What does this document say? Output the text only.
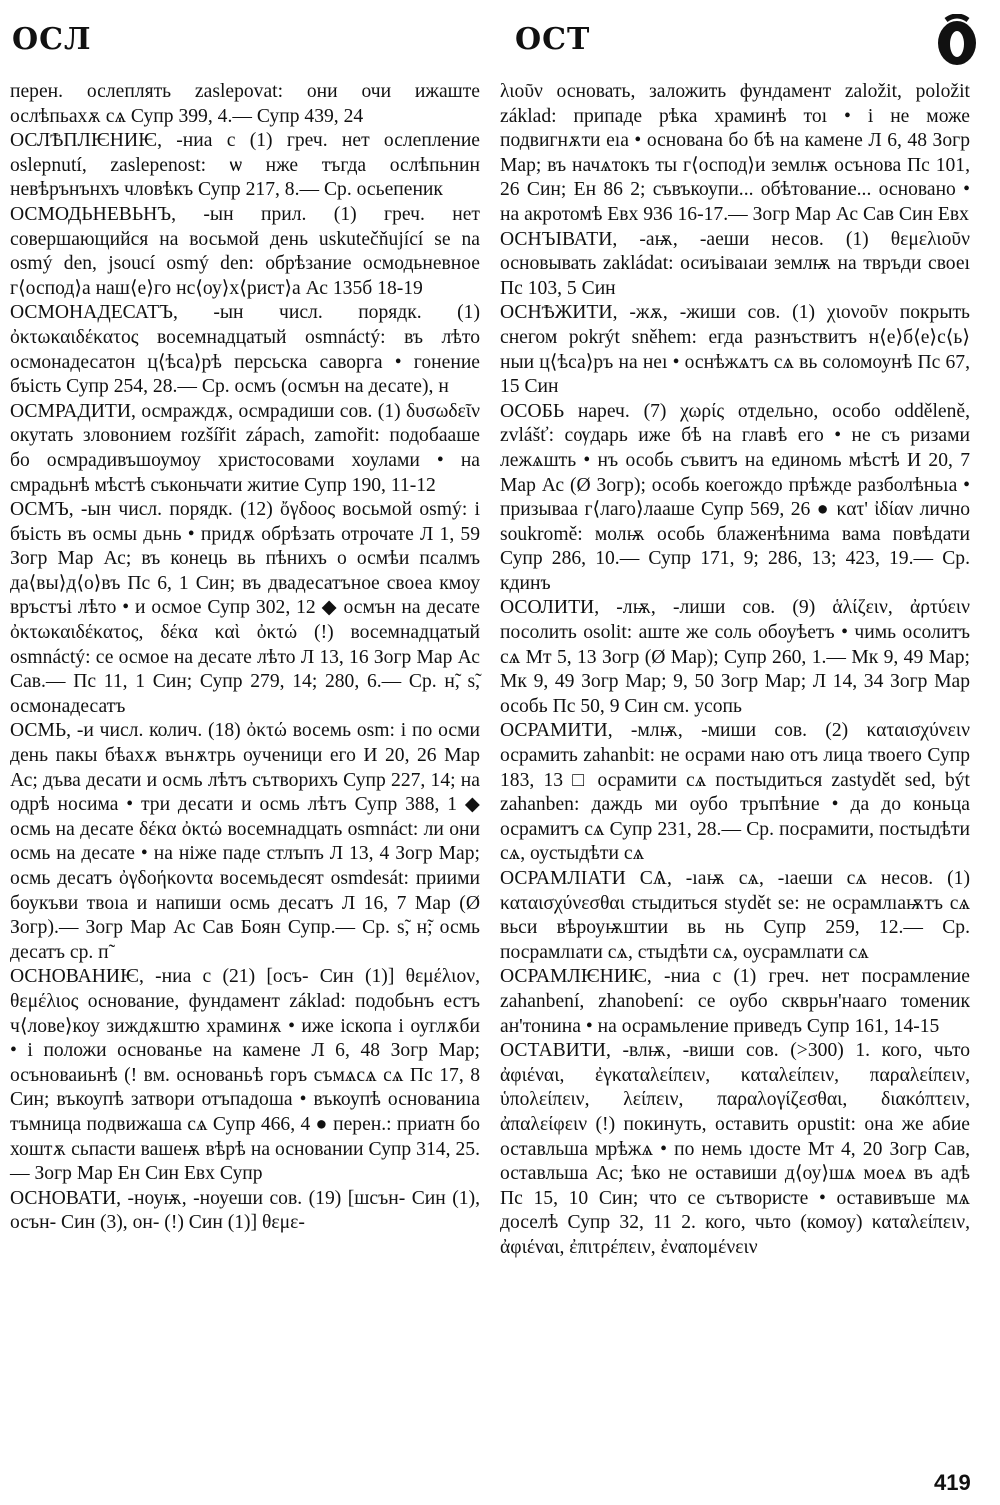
ОСЛ	ОСТ

перен. ослеплять zaslepovat: они очи ижаште ослѣпьахѫ сѧ Супр 399, 4.— Супр 439, 24

ОСЛѢПЛѤНИѤ, -ниа с (1) греч. нет ослепление oslepnutí, zaslepenost: ѡ нже тъгда ослѣпьнин невѣрънънхъ чловѣкъ Супр 217, 8.— Ср. осьепеник

ОСМОДЬНЕВЬНЪ, -ын прил. (1) греч. нет совершающийся на восьмой день uskutečňující se na osmý den, jsoucí osmý den: обрѣзание осмодьневное г⟨оспод⟩а наш⟨е⟩го нс⟨оу⟩х⟨рист⟩а Ас 135б 18-19

ОСМОНАДЕСАТЪ, -ын числ. порядк. (1) ὀκτωκαιδέκατος восемнадцатый osmnáctý: въ лѣто осмонадесатон ц⟨ѣса⟩рѣ персьска саворга • гонение бъість Супр 254, 28.— Ср. осмъ (осмън на десате), н

ОСМРАДИТИ, осмраждѫ, осмрадиши сов. (1) δυσωδεῖν окутать зловонием rozšířit zápach, zamořit: подобааше бо осмрадивъшоумоу христосовами хоулами • на смрадьнѣ мѣстѣ съконьчати житие Супр 190, 11-12

ОСМЪ, -ын числ. порядк. (12) ὄγδοος восьмой osmý: і бъість въ осмы дьнь • придѫ обрѣзать отрочате Л 1, 59 Зогр Мар Ас; въ конець вь пѣнихъ о осмѣи псалмъ да⟨вы⟩д⟨о⟩въ Пс 6, 1 Син; въ двадесатъноe своеа кмоу връстъі лѣто • и осмое Супр 302, 12 ◆ осмън на десате ὀκτωκαιδέκατος, δέκα καὶ ὀκτώ (!) восемнадцатый osmnáctý: се осмое на десате лѣто Л 13, 16 Зогр Мар Ас Сав.— Пс 11, 1 Син; Супр 279, 14; 280, 6.— Ср. н̃, ѕ̃, осмонадесатъ

ОСМЬ, -и числ. колич. (18) ὀκτώ восемь osm: і по осми день пакы бѣахѫ вънѫтрь оученици его И 20, 26 Мар Ас; дъва десати и осмь лѣтъ сътворихъ Супр 227, 14; на одрѣ носима • три десати и осмь лѣтъ Супр 388, 1 ◆ осмь на десате δέκα ὀκτώ восемнадцать osmnáct: ли они осмь на десате • на нiже паде стлъпъ Л 13, 4 Зогр Мар; осмь десатъ ὀγδοήκοντα восемьдесят osmdesát: приими боукъви твоıа и напиши осмь десатъ Л 16, 7 Мар (Ø Зогр).— Зогр Мар Ас Сав Боян Супр.— Ср. ѕ̃, н̃; осмь десатъ ср. п̃

ОСНОВАНИѤ, -ниа с (21) [осъ- Син (1)] θεμέλιον, θεμέλιος основание, фундамент základ: подобьнъ естъ ч⟨лове⟩коу зиждѫштю храминѫ • иже іскопа і оуглѫби • і положи основанье на камене Л 6, 48 Зогр Мар; осъноваиьнѣ (! вм. основаньѣ горъ съмѧсѧ сѧ Пс 17, 8 Син; въкоупѣ затвори отъпадоша • въкоупѣ основаниıа тъмница подвижаша сѧ Супр 466, 4 ● перен.: приатн бо хоштѫ сьпасти вашеѭ вѣрѣ на основании Супр 314, 25.— Зогр Мар Ен Син Евх Супр

ОСНОВАТИ, -ноуѭ, -ноуеши сов. (19) [шсън- Син (1), осън- Син (3), он- (!) Син (1)] θεμε-

λιοῦν основать, заложить фундамент založit, položit základ: припаде рѣка храминѣ тоı • і не може подвигнѫти еıа • основана бо бѣ на камене Л 6, 48 Зогр Мар; въ начѧтокъ ты г⟨оспод⟩и землѭ осънова Пс 101, 26 Син; Ен 86 2; съвъкоупи... обѣтование... основано • на акротомѣ Евх 936 16-17.— Зогр Мар Ас Сав Син Евх

ОСНЪІВАТИ, -аѭ, -аеши несов. (1) θεμελιοῦν основывать zakládat: осиъіваıаи землѭ на твръди своеı Пс 103, 5 Син

ОСНѢЖИТИ, -жѫ, -жиши сов. (1) χιονοῦν покрыть снегом pokrýt sněhem: егда разнъствитъ н⟨е⟩б⟨е⟩с⟨ь⟩ныи ц⟨ѣса⟩ръ на неı • оснѣжѧтъ сѧ вь соломоунѣ Пс 67, 15 Син

ОСОБЬ нареч. (7) χωρίς отдельно, особо odděleně, zvlášť: сѹдарь иже бѣ на главѣ его • не съ ризами лежѧшть • нъ особь съвитъ на единомь мѣстѣ И 20, 7 Мар Ас (Ø Зогр); особь коегождо прѣжде разболѣньıа • призываа г⟨лаго⟩лааше Супр 569, 26 ● κατ' ἰδίαν лично soukromě: молѭ особь блаженѣнима вама повѣдати Супр 286, 10.— Супр 171, 9; 286, 13; 423, 19.— Ср. кдинъ

ОСОЛИТИ, -лѭ, -лиши сов. (9) ἁλίζειν, ἀρτύειν посолить osolit: аште же соль обоуѣетъ • чимь осолитъ сѧ Мт 5, 13 Зогр (Ø Мар); Супр 260, 1.— Мк 9, 49 Мар; Мк 9, 49 Зогр Мар; 9, 50 Зогр Мар; Л 14, 34 Зогр Мар особь Пс 50, 9 Син см. усопь

ОСРАМИТИ, -млѭ, -миши сов. (2) καταισχύνειν осрамить zahanbit: не осрами наю отъ лица твоего Супр 183, 13 □ осрамити сѧ постыдиться zastydět sed, být zahanben: даждь ми оубо тръпѣние • да до коньца осрамитъ сѧ Супр 231, 28.— Ср. посрамити, постыдѣти сѧ, оустыдѣти сѧ

ОСРАМЛІАТИ СѦ, -ıаѭ сѧ, -ıаеши сѧ несов. (1) καταισχύνεσθαι стыдиться stydět se: не осрамлıаѭтъ сѧ вьси вѣроуѭштии вь нь Супр 259, 12.— Ср. посрамлıати сѧ, стыдѣти сѧ, оусрамлıати сѧ

ОСРАМЛѤНИѤ, -ниа с (1) греч. нет посрамление zahanbení, zhanobení: се оубо скврьн'нааго томеник ан'тонина • на осрамьлениe приведъ Супр 161, 14-15

ОСТАВИТИ, -влѭ, -виши сов. (>300) 1. кого, чьто ἀφιέναι, ἐγκαταλείπειν, καταλείπειν, παραλείπειν, ὑπολείπειν, λείπειν, παραλογίζεσθαι, διακόπτειν, ἀπαλείφειν (!) покинуть, оставить opustit: она же абие оставльша мрѣжѧ • по немь ıдосте Мт 4, 20 Зогр Сав, оставльша Ас; ѣко не оставиши д⟨оу⟩шѧ моеѧ въ адѣ Пс 15, 10 Син; что се сътвористе • оставивъше мѧ доселѣ Супр 32, 11 2. кого, чьто (комоу) καταλείπειν, ἀφιέναι, ἐπιτρέπειν, ἐναπομένειν

419
